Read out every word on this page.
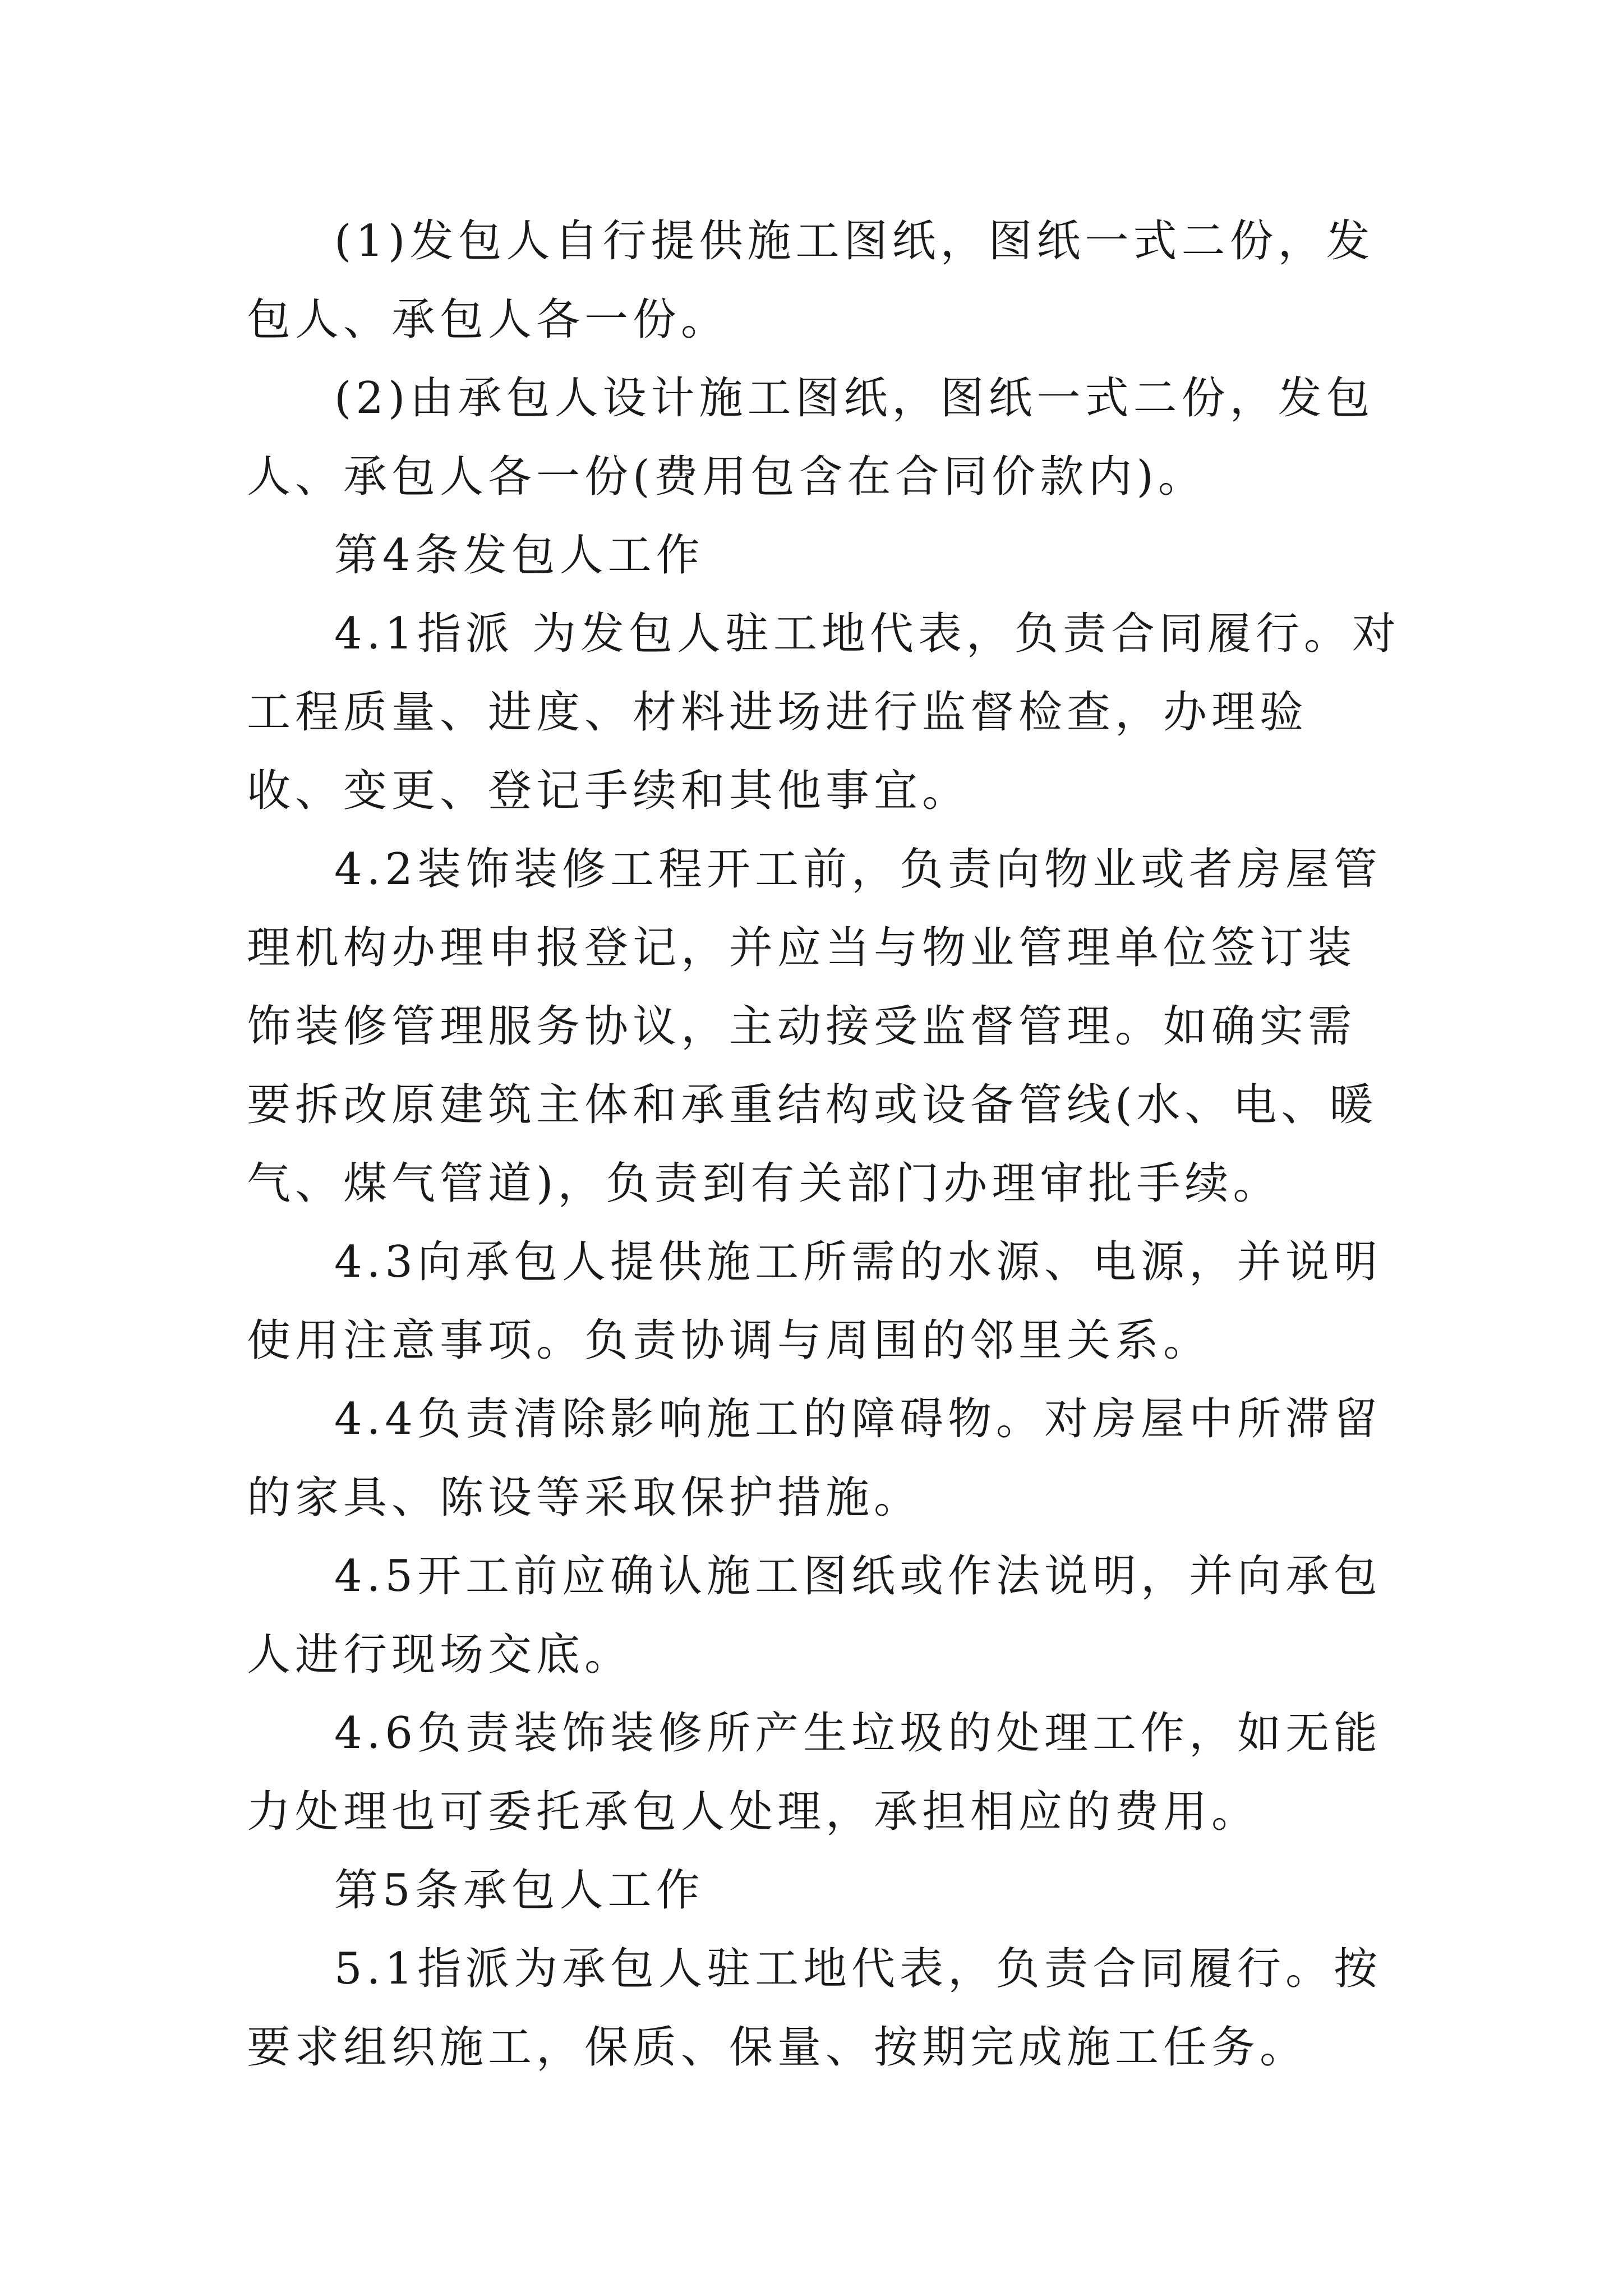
(1)发包人自行提供施工图纸，图纸一式二份，发包人、承包人各一份。

(2)由承包人设计施工图纸，图纸一式二份，发包人、承包人各一份(费用包含在合同价款内)。

第4条发包人工作

4.1指派 为发包人驻工地代表，负责合同履行。对工程质量、进度、材料进场进行监督检查，办理验收、变更、登记手续和其他事宜。

4.2装饰装修工程开工前，负责向物业或者房屋管理机构办理申报登记，并应当与物业管理单位签订装饰装修管理服务协议，主动接受监督管理。如确实需要拆改原建筑主体和承重结构或设备管线(水、电、暖气、煤气管道)，负责到有关部门办理审批手续。

4.3向承包人提供施工所需的水源、电源，并说明使用注意事项。负责协调与周围的邻里关系。

4.4负责清除影响施工的障碍物。对房屋中所滞留的家具、陈设等采取保护措施。

4.5开工前应确认施工图纸或作法说明，并向承包人进行现场交底。

4.6负责装饰装修所产生垃圾的处理工作，如无能力处理也可委托承包人处理，承担相应的费用。

第5条承包人工作

5.1指派为承包人驻工地代表，负责合同履行。按要求组织施工，保质、保量、按期完成施工任务。
